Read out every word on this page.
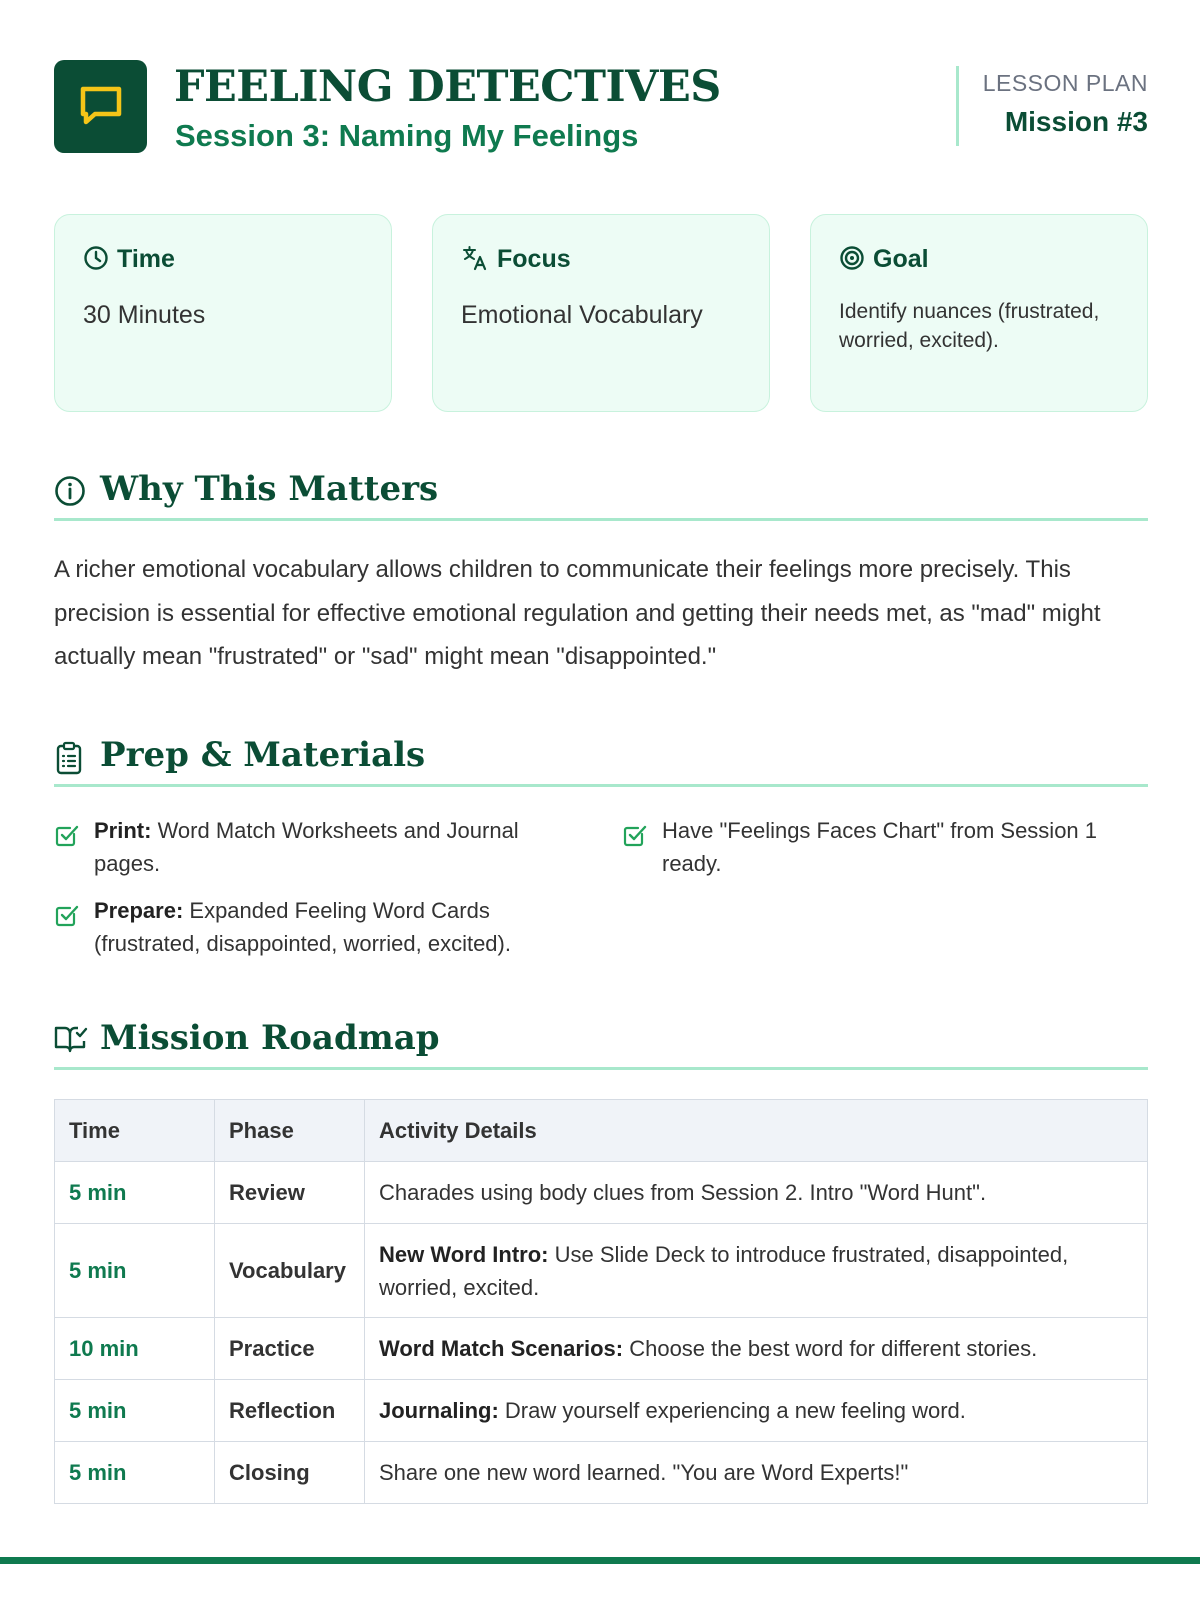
FEELING DETECTIVES
Session 3: Naming My Feelings
LESSON PLAN
Mission #3
Time
30 Minutes
Focus
Emotional Vocabulary
Goal
Identify nuances (frustrated, worried, excited).
Why This Matters
A richer emotional vocabulary allows children to communicate their feelings more precisely. This precision is essential for effective emotional regulation and getting their needs met, as "mad" might actually mean "frustrated" or "sad" might mean "disappointed."
Prep & Materials
Print: Word Match Worksheets and Journal pages.
Have "Feelings Faces Chart" from Session 1 ready.
Prepare: Expanded Feeling Word Cards (frustrated, disappointed, worried, excited).
Mission Roadmap
Time	Phase	Activity Details
5 min	Review	Charades using body clues from Session 2. Intro "Word Hunt".
5 min	Vocabulary	New Word Intro: Use Slide Deck to introduce frustrated, disappointed, worried, excited.
10 min	Practice	Word Match Scenarios: Choose the best word for different stories.
5 min	Reflection	Journaling: Draw yourself experiencing a new feeling word.
5 min	Closing	Share one new word learned. "You are Word Experts!"
